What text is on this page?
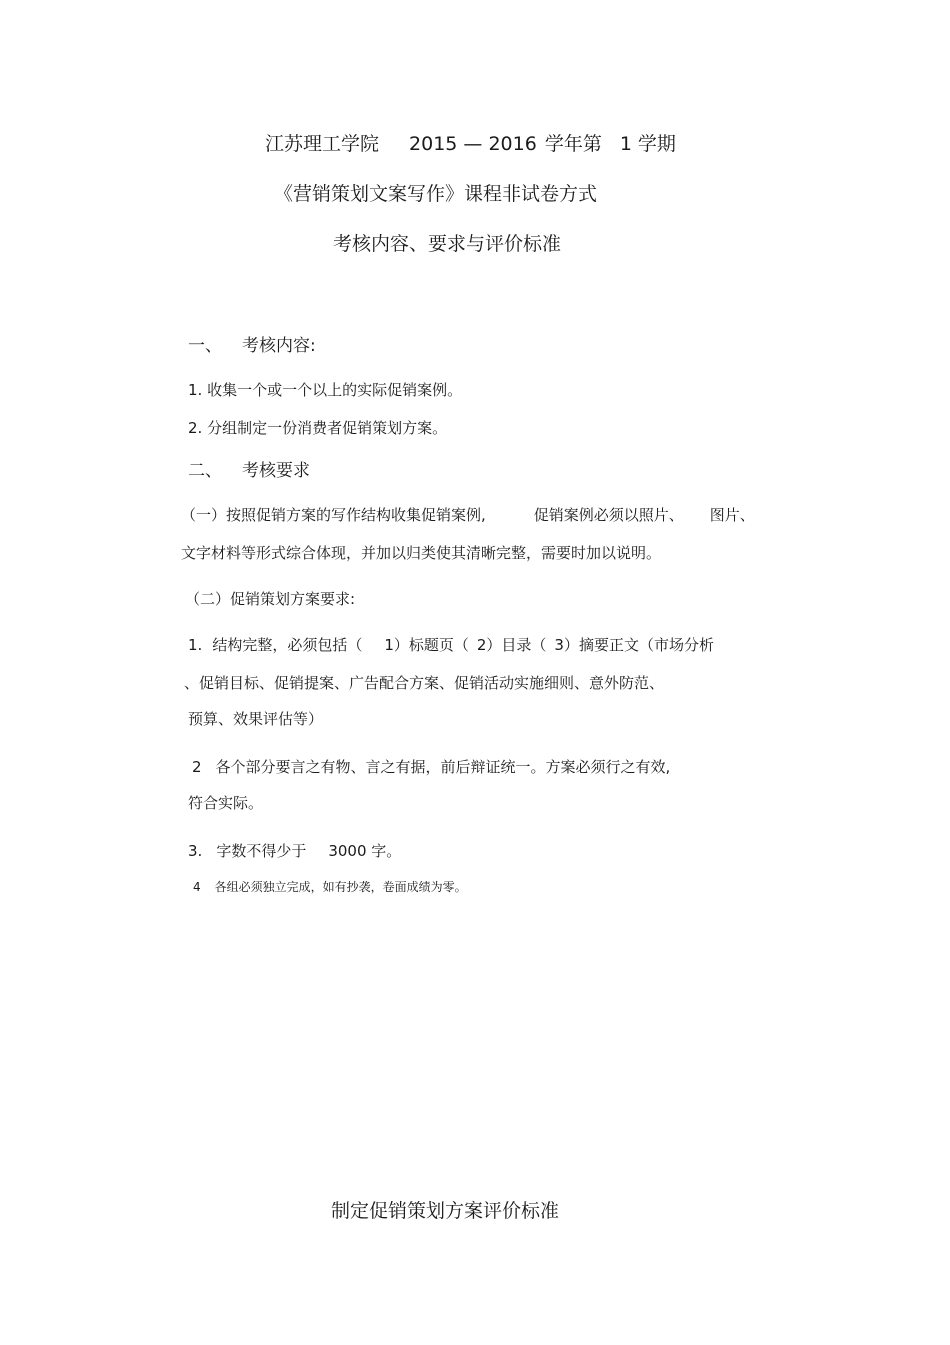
江苏理工学院 2015 — 2016 学年第 1 学期
《营销策划文案写作》课程非试卷方式
考核内容、要求与评价标准
一、 考核内容:
1. 收集一个或一个以上的实际促销案例。
2. 分组制定一份消费者促销策划方案。
二、 考核要求
（一）按照促销方案的写作结构收集促销案例,	促销案例必须以照片、 图片、
文字材料等形式综合体现，并加以归类使其清晰完整，需要时加以说明。
（二）促销策划方案要求:
1. 结构完整，必须包括（ 1）标题页（ 2）目录（ 3）摘要正文（市场分析
、促销目标、促销提案、广告配合方案、促销活动实施细则、意外防范、
预算、效果评估等）
2 各个部分要言之有物、言之有据，前后辩证统一。方案必须行之有效,
符合实际。
3. 字数不得少于 3000 字。
4 各组必须独立完成，如有抄袭，卷面成绩为零。
制定促销策划方案评价标准
